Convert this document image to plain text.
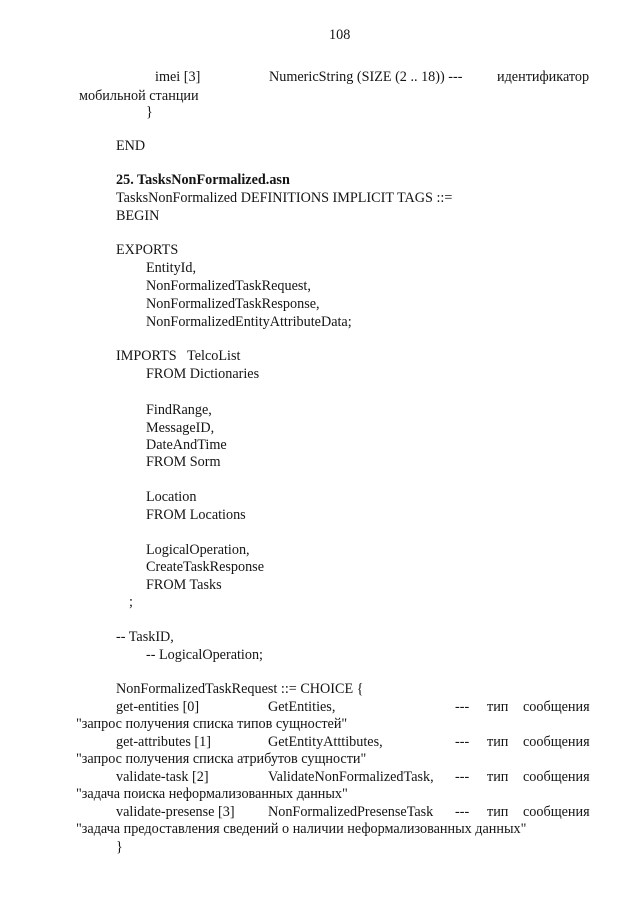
108
imei [3]	NumericString (SIZE (2 .. 18)) --- идентификатор
мобильной станции
}
END
25. TasksNonFormalized.asn
TasksNonFormalized DEFINITIONS IMPLICIT TAGS ::=
BEGIN
EXPORTS
EntityId,
NonFormalizedTaskRequest,
NonFormalizedTaskResponse,
NonFormalizedEntityAttributeData;
IMPORTS   TelcoList
FROM Dictionaries
FindRange,
MessageID,
DateAndTime
FROM Sorm
Location
FROM Locations
LogicalOperation,
CreateTaskResponse
FROM Tasks
;
-- TaskID,
-- LogicalOperation;
NonFormalizedTaskRequest ::= CHOICE {
get-entities [0]	GetEntities,	--- тип сообщения
"запрос получения списка типов сущностей"
get-attributes [1]	GetEntityAtttibutes,	--- тип сообщения
"запрос получения списка атрибутов сущности"
validate-task [2]	ValidateNonFormalizedTask, --- тип сообщения
"задача поиска неформализованных данных"
validate-presense [3] NonFormalizedPresenseTask --- тип сообщения
"задача предоставления сведений о наличии неформализованных данных"
}
